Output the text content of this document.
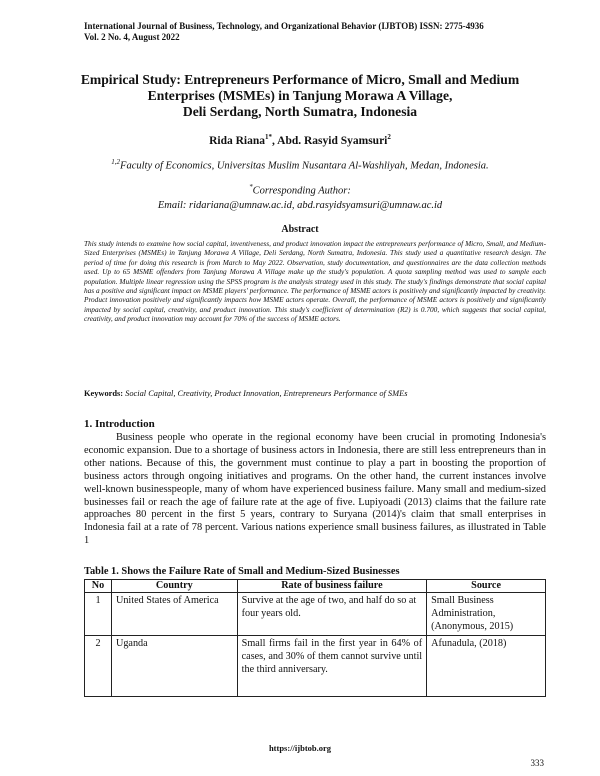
International Journal of Business, Technology, and Organizational Behavior (IJBTOB) ISSN: 2775-4936
Vol. 2 No. 4, August 2022
Empirical Study: Entrepreneurs Performance of Micro, Small and Medium
Enterprises (MSMEs) in Tanjung Morawa A Village,
Deli Serdang, North Sumatra, Indonesia
Rida Riana$^{1*}$, Abd. Rasyid Syamsuri$^2$
$^{1,2}$Faculty of Economics, Universitas Muslim Nusantara Al-Washliyah, Medan, Indonesia.
*Corresponding Author:
Email: ridariana@umnaw.ac.id, abd.rasyidsyamsuri@umnaw.ac.id
Abstract
This study intends to examine how social capital, inventiveness, and product innovation impact the entrepreneurs performance of Micro, Small, and Medium-Sized Enterprises (MSMEs) in Tanjung Morawa A Village, Deli Serdang, North Sumatra, Indonesia. This study used a quantitative research design. The period of time for doing this research is from March to May 2022. Observation, study documentation, and questionnaires are the data collection methods used. Up to 65 MSME offenders from Tanjung Morawa A Village make up the study's population. A quota sampling method was used to sample each population. Multiple linear regression using the SPSS program is the analysis strategy used in this study. The study's findings demonstrate that social capital has a positive and significant impact on MSME players' performance. The performance of MSME actors is positively and significantly impacted by creativity. Product innovation positively and significantly impacts how MSME actors operate. Overall, the performance of MSME actors is positively and significantly impacted by social capital, creativity, and product innovation. This study's coefficient of determination (R2) is 0.700, which suggests that social capital, creativity, and product innovation may account for 70% of the success of MSME actors.
Keywords: Social Capital, Creativity, Product Innovation, Entrepreneurs Performance of SMEs
1. Introduction
Business people who operate in the regional economy have been crucial in promoting Indonesia's economic expansion. Due to a shortage of business actors in Indonesia, there are still less entrepreneurs than in other nations. Because of this, the government must continue to play a part in boosting the proportion of business actors through ongoing initiatives and programs. On the other hand, the current instances involve well-known businesspeople, many of whom have experienced business failure. Many small and medium-sized businesses fail or reach the age of failure rate at the age of five. Lupiyoadi (2013) claims that the failure rate approaches 80 percent in the first 5 years, contrary to Suryana (2014)'s claim that small enterprises in Indonesia fail at a rate of 78 percent. Various nations experience small business failures, as illustrated in Table 1
Table 1. Shows the Failure Rate of Small and Medium-Sized Businesses
No	Country	Rate of business failure	Source
1	United States of America	Survive at the age of two, and half do so at four years old.	Small Business Administration, (Anonymous, 2015)
2	Uganda	Small firms fail in the first year in 64% of cases, and 30% of them cannot survive until the third anniversary.	Afunadula, (2018)
https://ijbtob.org
333
